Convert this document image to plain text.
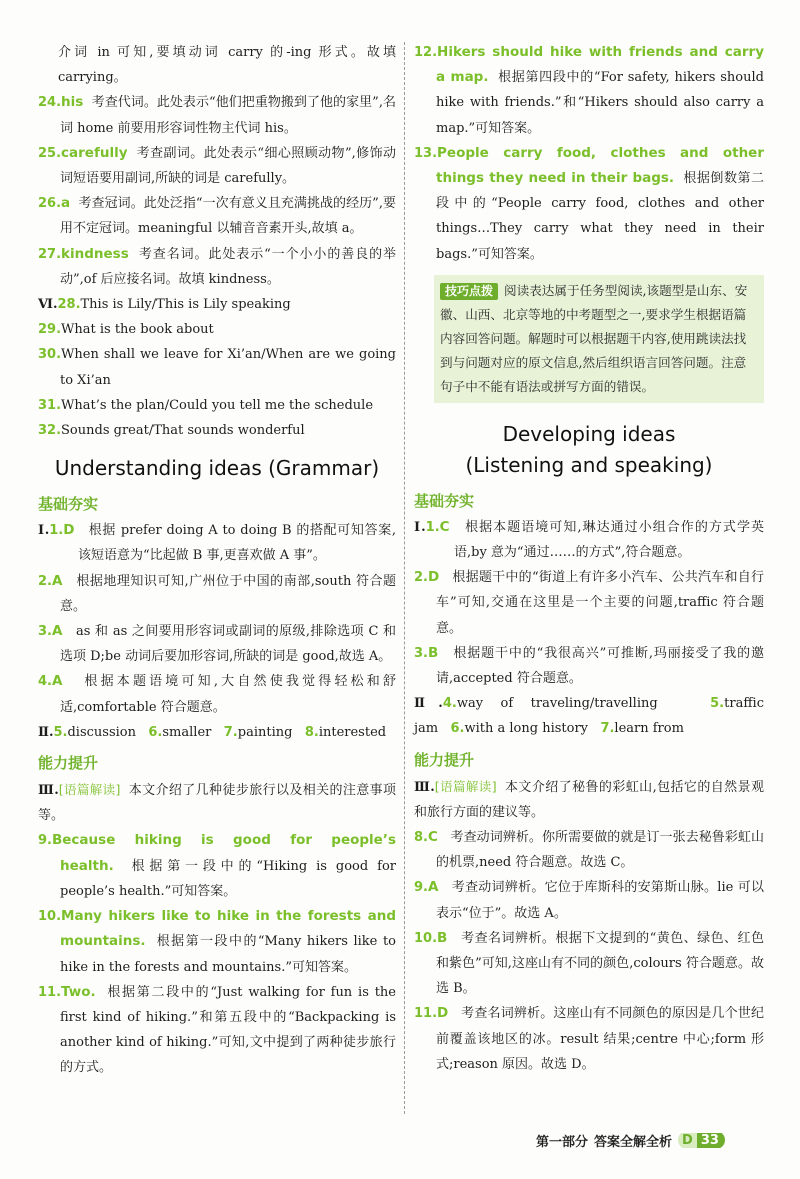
介词 in 可知,要填动词 carry 的-ing 形式。故填carrying。

24.his 考查代词。此处表示“他们把重物搬到了他的家里”,名词 home 前要用形容词性物主代词 his。

25.carefully 考查副词。此处表示“细心照顾动物”,修饰动词短语要用副词,所缺的词是 carefully。

26.a 考查冠词。此处泛指“一次有意义且充满挑战的经历”,要用不定冠词。meaningful 以辅音音素开头,故填 a。

27.kindness 考查名词。此处表示“一个小小的善良的举动”,of 后应接名词。故填 kindness。

Ⅵ.28.This is Lily/This is Lily speaking

29.What is the book about

30.When shall we leave for Xi’an/When are we going to Xi’an

31.What’s the plan/Could you tell me the schedule

32.Sounds great/That sounds wonderful

Understanding ideas (Grammar)
基础夯实

Ⅰ.1.D 根据 prefer doing A to doing B 的搭配可知答案,该短语意为“比起做 B 事,更喜欢做 A 事”。

2.A 根据地理知识可知,广州位于中国的南部,south 符合题意。

3.A as 和 as 之间要用形容词或副词的原级,排除选项 C 和选项 D;be 动词后要加形容词,所缺的词是 good,故选 A。

4.A 根据本题语境可知,大自然使我觉得轻松和舒适,comfortable 符合题意。

Ⅱ.5.discussion 6.smaller 7.painting 8.interested

能力提升

Ⅲ.[语篇解读] 本文介绍了几种徒步旅行以及相关的注意事项等。

9.Because hiking is good for people’s health. 根据第一段中的“Hiking is good for people’s health.”可知答案。

10.Many hikers like to hike in the forests and mountains. 根据第一段中的“Many hikers like to hike in the forests and mountains.”可知答案。

11.Two. 根据第二段中的“Just walking for fun is the first kind of hiking.”和第五段中的“Backpacking is another kind of hiking.”可知,文中提到了两种徒步旅行的方式。

12.Hikers should hike with friends and carry a map. 根据第四段中的“For safety, hikers should hike with friends.”和“Hikers should also carry a map.”可知答案。

13.People carry food, clothes and other things they need in their bags. 根据倒数第二段中的“People carry food, clothes and other things…They carry what they need in their bags.”可知答案。

技巧点拨 阅读表达属于任务型阅读,该题型是山东、安徽、山西、北京等地的中考题型之一,要求学生根据语篇内容回答问题。解题时可以根据题干内容,使用跳读法找到与问题对应的原文信息,然后组织语言回答问题。注意句子中不能有语法或拼写方面的错误。
Developing ideas
(Listening and speaking)
基础夯实

Ⅰ.1.C 根据本题语境可知,琳达通过小组合作的方式学英语,by 意为“通过……的方式”,符合题意。

2.D 根据题干中的“街道上有许多小汽车、公共汽车和自行车”可知,交通在这里是一个主要的问题,traffic 符合题意。

3.B 根据题干中的“我很高兴”可推断,玛丽接受了我的邀请,accepted 符合题意。

Ⅱ.4.way of traveling/travelling	5.traffic jam 6.with a long history 7.learn from

能力提升

Ⅲ.[语篇解读] 本文介绍了秘鲁的彩虹山,包括它的自然景观和旅行方面的建议等。

8.C 考查动词辨析。你所需要做的就是订一张去秘鲁彩虹山的机票,need 符合题意。故选 C。

9.A 考查动词辨析。它位于库斯科的安第斯山脉。lie 可以表示“位于”。故选 A。

10.B 考查名词辨析。根据下文提到的“黄色、绿色、红色和紫色”可知,这座山有不同的颜色,colours 符合题意。故选 B。

11.D 考查名词辨析。这座山有不同颜色的原因是几个世纪前覆盖该地区的冰。result 结果;centre 中心;form 形式;reason 原因。故选 D。

第一部分 答案全解全析 D 33
